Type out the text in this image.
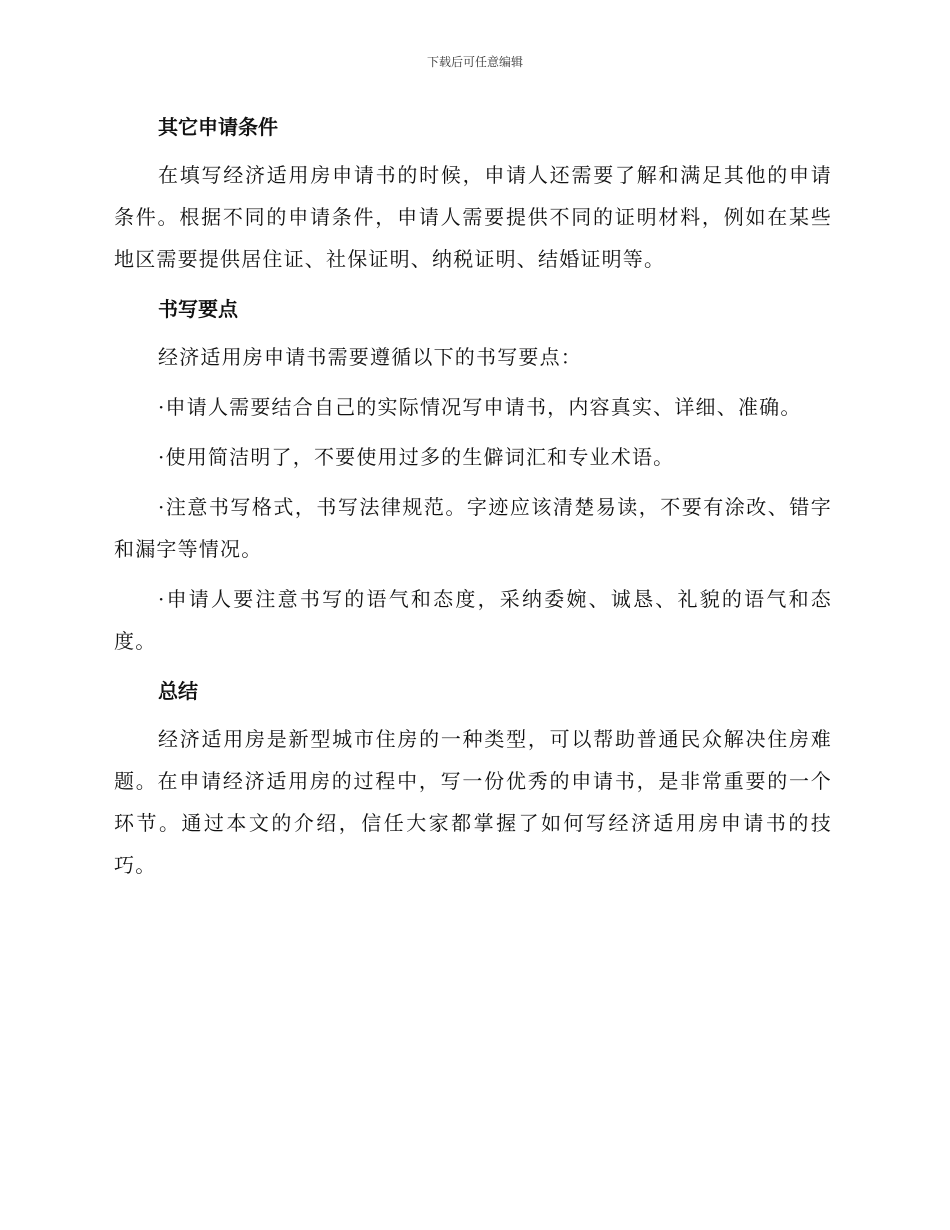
下载后可任意编辑
其它申请条件

在填写经济适用房申请书的时候，申请人还需要了解和满足其他的申请条件。根据不同的申请条件，申请人需要提供不同的证明材料，例如在某些地区需要提供居住证、社保证明、纳税证明、结婚证明等。

书写要点

经济适用房申请书需要遵循以下的书写要点：

·申请人需要结合自己的实际情况写申请书，内容真实、详细、准确。

·使用简洁明了，不要使用过多的生僻词汇和专业术语。

·注意书写格式，书写法律规范。字迹应该清楚易读，不要有涂改、错字和漏字等情况。

·申请人要注意书写的语气和态度，采纳委婉、诚恳、礼貌的语气和态度。

总结

经济适用房是新型城市住房的一种类型，可以帮助普通民众解决住房难题。在申请经济适用房的过程中，写一份优秀的申请书，是非常重要的一个环节。通过本文的介绍，信任大家都掌握了如何写经济适用房申请书的技巧。
